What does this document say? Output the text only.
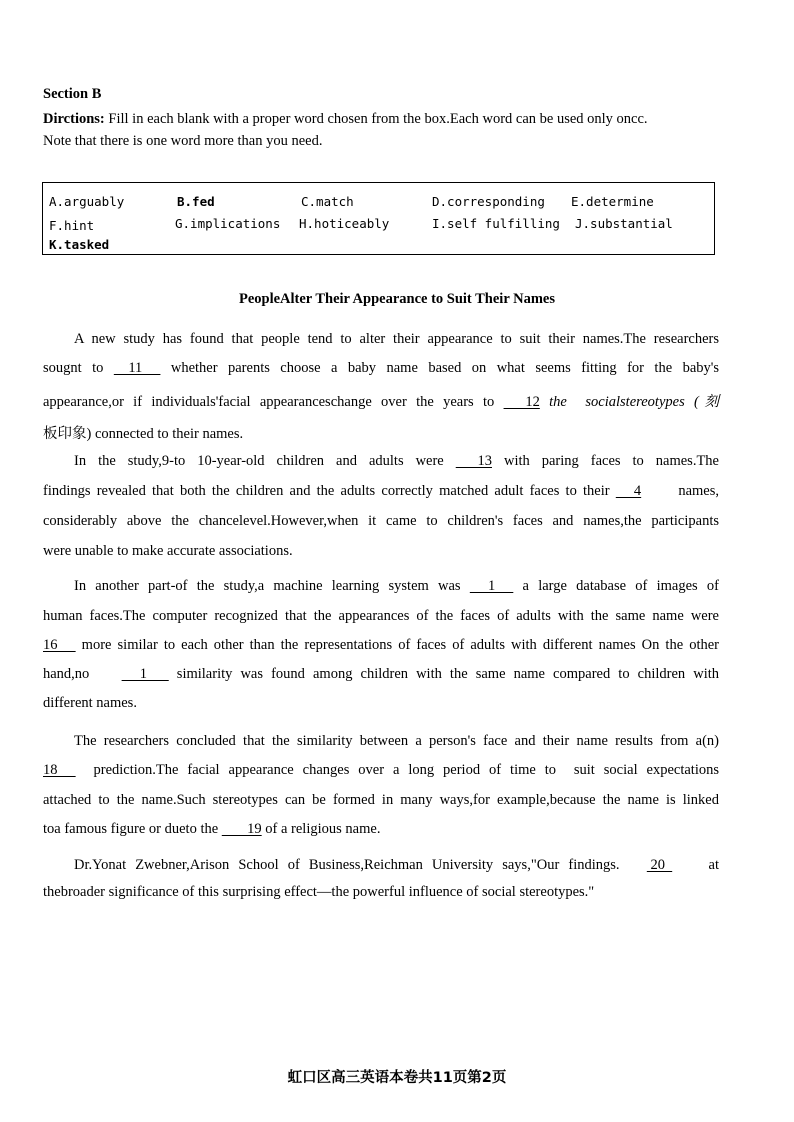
Section B
Dirctions: Fill in each blank with a proper word chosen from the box.Each word can be used only oncc.
Note that there is one word more than you need.
A.arguably	B.fed	C.match	D.corresponding E.determine
F.hint	G.implications H.hoticeably	I.self fulfilling J.substantial
K.tasked
PeopleAlter Their Appearance to Suit Their Names
A new study has found that people tend to alter their appearance to suit their names.The researchers
sougnt to     11      whether parents choose a baby name based on what seems fitting for the baby's
appearance,or if individuals'facial appearanceschange over the years to       12 the  socialstereotypes (刻
板印象) connected to their names.
In the study,9-to 10-year-old children and adults were       13 with paring faces to names.The
findings revealed that both the children and the adults correctly matched adult faces to their      4      names,
considerably above the chancelevel.However,when it came to children's faces and names,the participants
were unable to make accurate associations.
In another part-of the study,a machine learning system was      1      a large database of images of
human faces.The computer recognized that the appearances of the faces of adults with the same name were
16      more similar to each other than the representations of faces of adults with different names On the other
hand,no         1       similarity was found among children with the same name compared to children with
different names.
The researchers concluded that the similarity between a person's face and their name results from a(n)
18       prediction.The facial appearance changes over a long period of time to  suit social expectations
attached to the name.Such stereotypes can be formed in many ways,for example,because the name is linked
toa famous figure or dueto the        19 of a religious name.
Dr.Yonat Zwebner,Arison School of Business,Reichman University says,"Our findings.    20      at
thebroader significance of this surprising effect—the powerful influence of social stereotypes."
虹口区高三英语本卷共11页第2页
